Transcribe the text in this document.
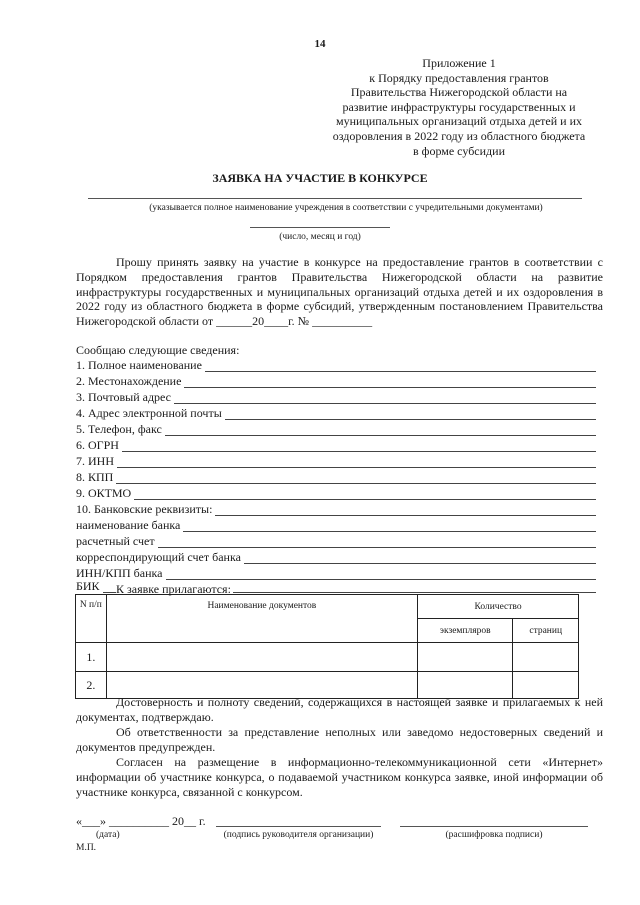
14
Приложение 1
к Порядку предоставления грантов
Правительства Нижегородской области на
развитие инфраструктуры государственных и
муниципальных организаций отдыха детей и их
оздоровления в 2022 году из областного бюджета
в форме субсидии
ЗАЯВКА НА УЧАСТИЕ В КОНКУРСЕ
(указывается полное наименование учреждения в соответствии с учредительными документами)
(число, месяц и год)
Прошу принять заявку на участие в конкурсе на предоставление грантов в соответствии с Порядком предоставления грантов Правительства Нижегородской области на развитие инфраструктуры государственных и муниципальных организаций отдыха детей и их оздоровления в 2022 году из областного бюджета в форме субсидий, утвержденным постановлением Правительства Нижегородской области от ______20____г. № __________
Сообщаю следующие сведения:
1. Полное наименование
2. Местонахождение
3. Почтовый адрес
4. Адрес электронной почты
5. Телефон, факс
6. ОГРН
7. ИНН
8. КПП
9. ОКТМО
10. Банковские реквизиты:
наименование банка
расчетный счет
корреспондирующий счет банка
ИНН/КПП банка
БИК К заявке прилагаются:
N п/п	Наименование документов	Количество	
		экземпляров	страниц
1.			
2.			
Достоверность и полноту сведений, содержащихся в настоящей заявке и прилагаемых к ней документах, подтверждаю.
Об ответственности за представление неполных или заведомо недостоверных сведений и документов предупрежден.
Согласен на размещение в информационно-телекоммуникационной сети «Интернет» информации об участнике конкурса, о подаваемой участником конкурса заявке, иной информации об участнике конкурса, связанной с конкурсом.
«___» __________ 20__ г.
(дата)	(подпись руководителя организации)	(расшифровка подписи)
М.П.
